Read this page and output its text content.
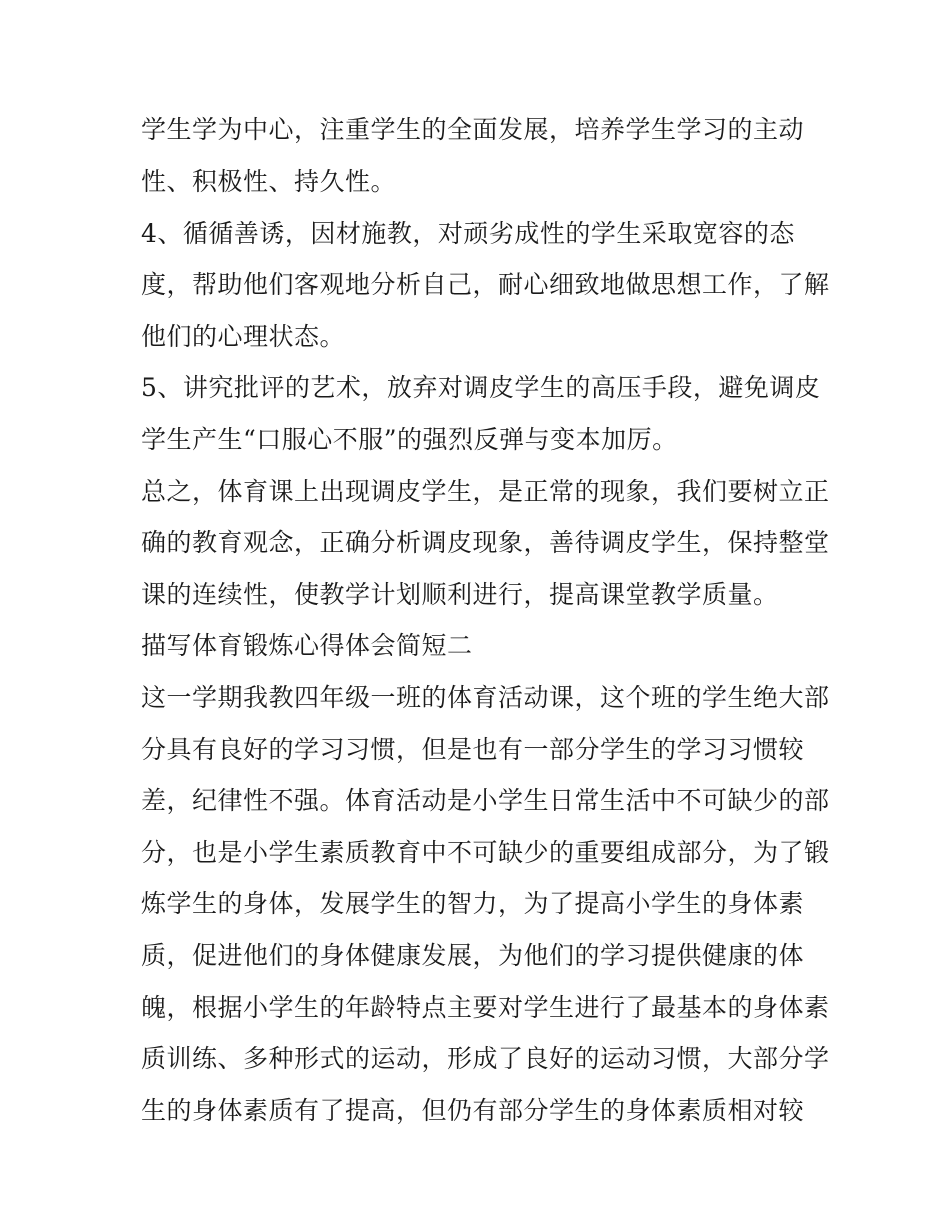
学生学为中心，注重学生的全面发展，培养学生学习的主动
性、积极性、持久性。
4、循循善诱，因材施教，对顽劣成性的学生采取宽容的态
度，帮助他们客观地分析自己，耐心细致地做思想工作，了解
他们的心理状态。
5、讲究批评的艺术，放弃对调皮学生的高压手段，避免调皮
学生产生“口服心不服”的强烈反弹与变本加厉。
总之，体育课上出现调皮学生，是正常的现象，我们要树立正
确的教育观念，正确分析调皮现象，善待调皮学生，保持整堂
课的连续性，使教学计划顺利进行，提高课堂教学质量。
描写体育锻炼心得体会简短二
这一学期我教四年级一班的体育活动课，这个班的学生绝大部
分具有良好的学习习惯，但是也有一部分学生的学习习惯较
差，纪律性不强。体育活动是小学生日常生活中不可缺少的部
分，也是小学生素质教育中不可缺少的重要组成部分，为了锻
炼学生的身体，发展学生的智力，为了提高小学生的身体素
质，促进他们的身体健康发展，为他们的学习提供健康的体
魄，根据小学生的年龄特点主要对学生进行了最基本的身体素
质训练、多种形式的运动，形成了良好的运动习惯，大部分学
生的身体素质有了提高，但仍有部分学生的身体素质相对较
